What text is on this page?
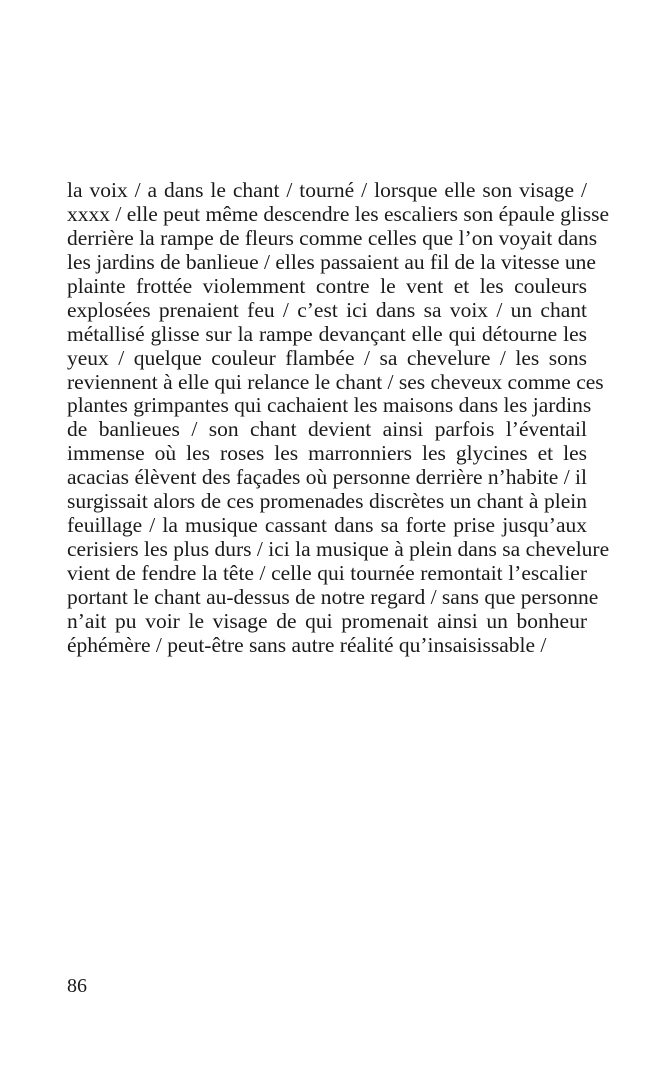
la voix / a dans le chant / tourné / lorsque elle son visage /
xxxx / elle peut même descendre les escaliers son épaule glisse
derrière la rampe de fleurs comme celles que l’on voyait dans
les jardins de banlieue / elles passaient au fil de la vitesse une
plainte frottée violemment contre le vent et les couleurs
explosées prenaient feu / c’est ici dans sa voix / un chant
métallisé glisse sur la rampe devançant elle qui détourne les
yeux / quelque couleur flambée / sa chevelure / les sons
reviennent à elle qui relance le chant / ses cheveux comme ces
plantes grimpantes qui cachaient les maisons dans les jardins
de banlieues / son chant devient ainsi parfois l’éventail
immense où les roses les marronniers les glycines et les
acacias élèvent des façades où personne derrière n’habite / il
surgissait alors de ces promenades discrètes un chant à plein
feuillage / la musique cassant dans sa forte prise jusqu’aux
cerisiers les plus durs / ici la musique à plein dans sa chevelure
vient de fendre la tête / celle qui tournée remontait l’escalier
portant le chant au-dessus de notre regard / sans que personne
n’ait pu voir le visage de qui promenait ainsi un bonheur
éphémère / peut-être sans autre réalité qu’insaisissable /
86
